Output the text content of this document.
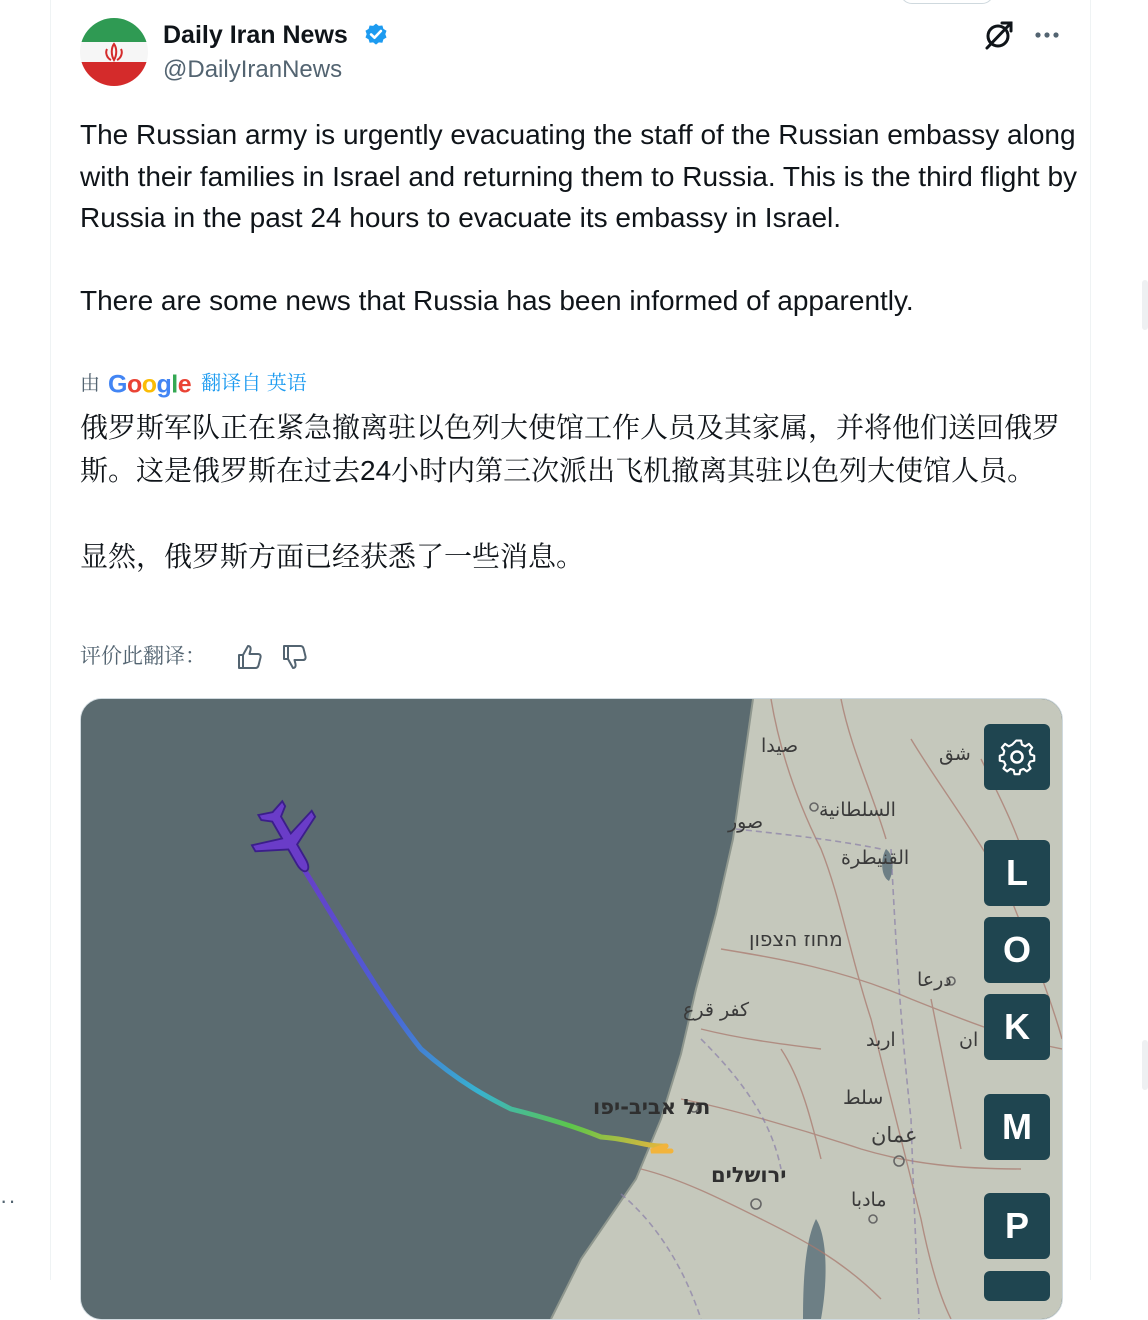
··
Daily Iran News
@DailyIranNews

The Russian army is urgently evacuating the staff of the Russian embassy along with their families in Israel and returning them to Russia. This is the third flight by Russia in the past 24 hours to evacuate its embassy in Israel.

There are some news that Russia has been informed of apparently.

由 Google 翻译自 英语

俄罗斯军队正在紧急撤离驻以色列大使馆工作人员及其家属，并将他们送回俄罗斯。这是俄罗斯在过去24小时内第三次派出飞机撤离其驻以色列大使馆人员。

显然，俄罗斯方面已经获悉了一些消息。

评价此翻译：
صيدا	شق
صور
السلطانية
القنيطرة
מחוז הצפון
درعا
كفر قرع
اربد	ان
תל אביב-יפו	سلط
عمان
ירושלים
مادبا
L
O
K
M
P
